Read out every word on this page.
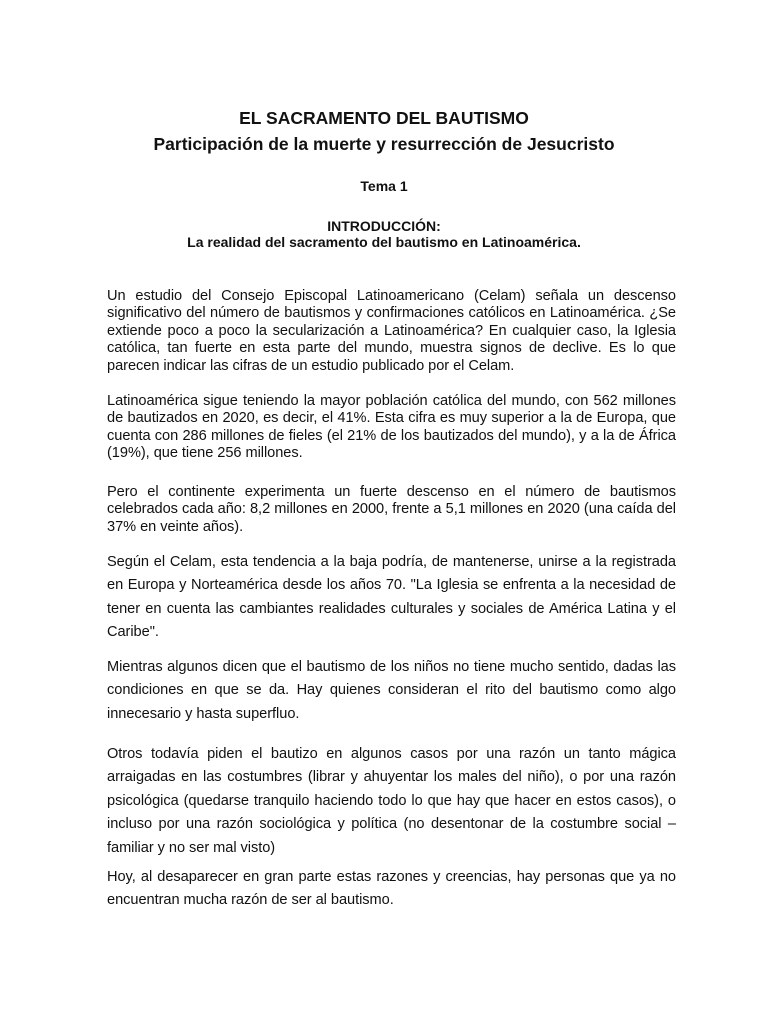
EL SACRAMENTO DEL BAUTISMO
Participación de la muerte y resurrección de Jesucristo
Tema 1
INTRODUCCIÓN:
La realidad del sacramento del bautismo en Latinoamérica.

Un estudio del Consejo Episcopal Latinoamericano (Celam) señala un descenso significativo del número de bautismos y confirmaciones católicos en Latinoamérica. ¿Se extiende poco a poco la secularización a Latinoamérica? En cualquier caso, la Iglesia católica, tan fuerte en esta parte del mundo, muestra signos de declive. Es lo que parecen indicar las cifras de un estudio publicado por el Celam.

Latinoamérica sigue teniendo la mayor población católica del mundo, con 562 millones de bautizados en 2020, es decir, el 41%. Esta cifra es muy superior a la de Europa, que cuenta con 286 millones de fieles (el 21% de los bautizados del mundo), y a la de África (19%), que tiene 256 millones.

Pero el continente experimenta un fuerte descenso en el número de bautismos celebrados cada año: 8,2 millones en 2000, frente a 5,1 millones en 2020 (una caída del 37% en veinte años).

Según el Celam, esta tendencia a la baja podría, de mantenerse, unirse a la registrada en Europa y Norteamérica desde los años 70. "La Iglesia se enfrenta a la necesidad de tener en cuenta las cambiantes realidades culturales y sociales de América Latina y el Caribe".

Mientras algunos dicen que el bautismo de los niños no tiene mucho sentido, dadas las condiciones en que se da. Hay quienes consideran el rito del bautismo como algo innecesario y hasta superfluo.

Otros todavía piden el bautizo en algunos casos por una razón un tanto mágica arraigadas en las costumbres (librar y ahuyentar los males del niño), o por una razón psicológica (quedarse tranquilo haciendo todo lo que hay que hacer en estos casos), o incluso por una razón sociológica y política (no desentonar de la costumbre social – familiar y no ser mal visto)

Hoy, al desaparecer en gran parte estas razones y creencias, hay personas que ya no encuentran mucha razón de ser al bautismo.
